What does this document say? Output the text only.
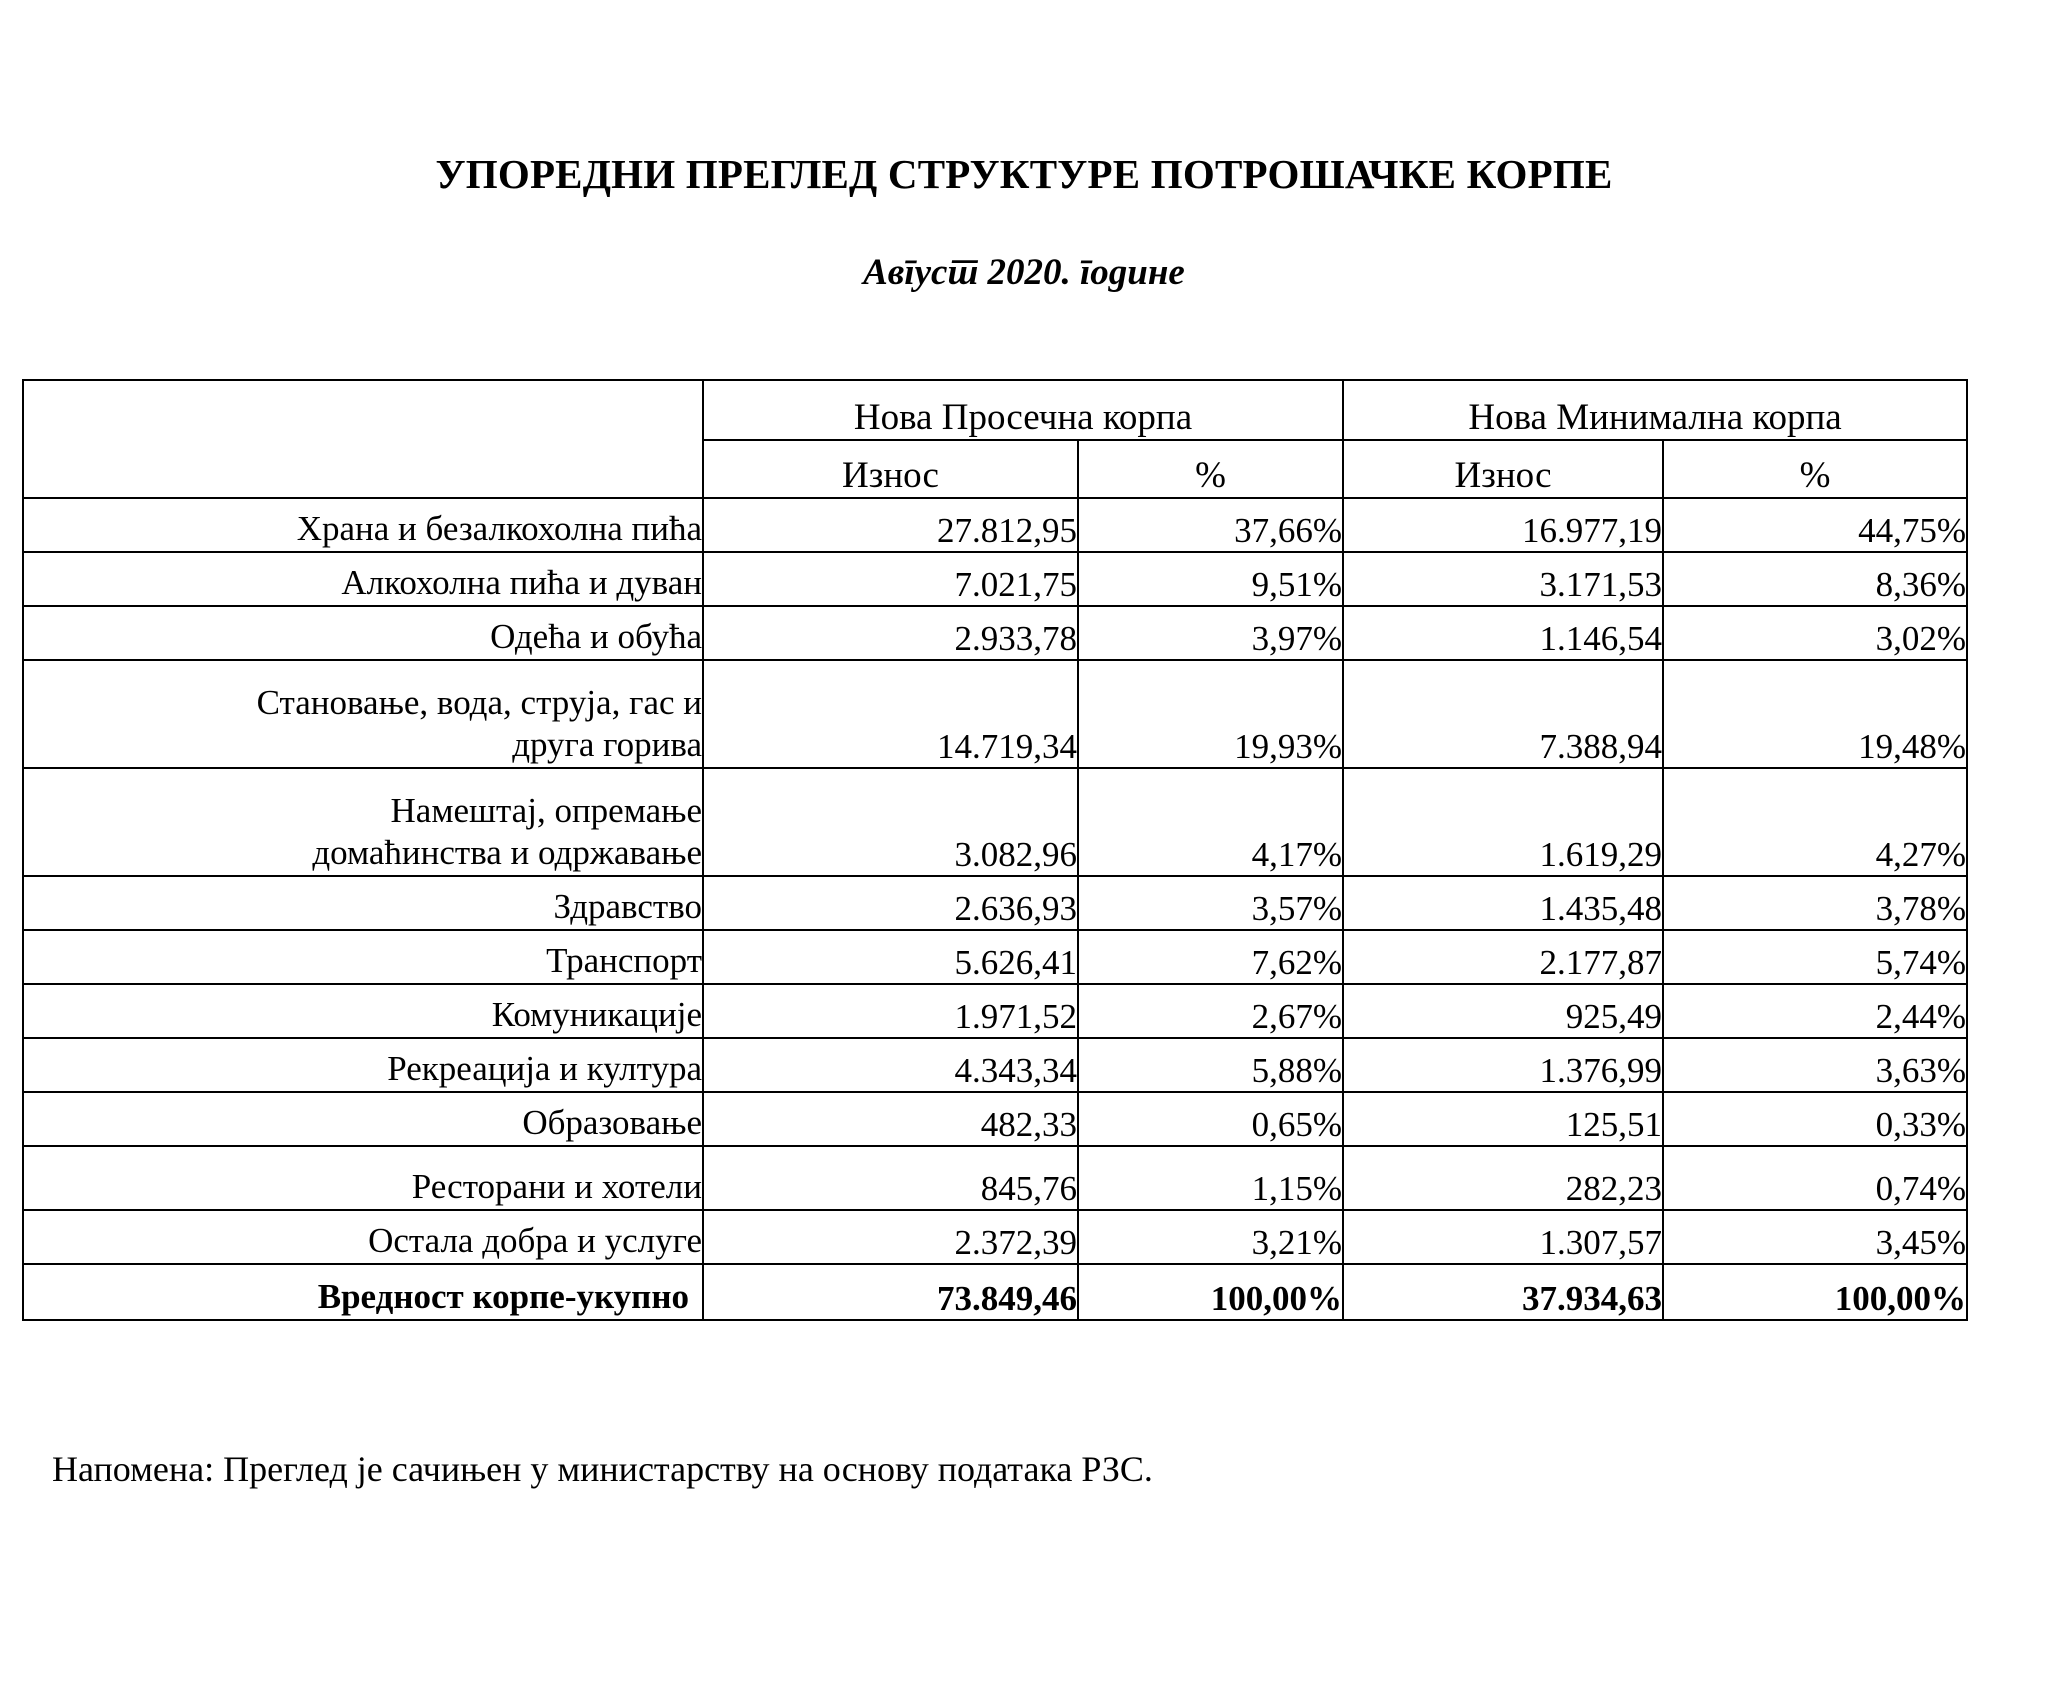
УПОРЕДНИ ПРЕГЛЕД СТРУКТУРЕ ПОТРОШАЧКЕ КОРПЕ
Август 2020. године
	Нова Просечна корпа		Нова Минимална корпа	
	Износ	%	Износ	%

Храна и безалкохолна пића	27.812,95	37,66%	16.977,19	44,75%

Алкохолна пића и дуван	7.021,75	9,51%	3.171,53	8,36%

Одећа и обућа	2.933,78	3,97%	1.146,54	3,02%

Становање, вода, струја, гас и
друга горива	14.719,34	19,93%	7.388,94	19,48%

Намештај, опремање
домаћинства и одржавање	3.082,96	4,17%	1.619,29	4,27%

Здравство	2.636,93	3,57%	1.435,48	3,78%

Транспорт	5.626,41	7,62%	2.177,87	5,74%

Комуникације	1.971,52	2,67%	925,49	2,44%

Рекреација и култура	4.343,34	5,88%	1.376,99	3,63%

Образовање	482,33	0,65%	125,51	0,33%

Ресторани и хотели	845,76	1,15%	282,23	0,74%

Остала добра и услуге	2.372,39	3,21%	1.307,57	3,45%

Вредност корпе-укупно	73.849,46	100,00%	37.934,63	100,00%
Напомена: Преглед је сачињен у министарству на основу података РЗС.
